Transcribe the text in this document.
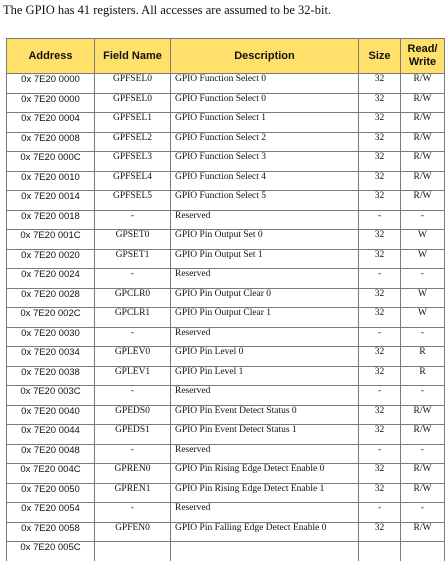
The GPIO has 41 registers. All accesses are assumed to be 32-bit.
Address	Field Name	Description	Size	Read/ Write
0x 7E20 0000	GPFSEL0	GPIO Function Select 0	32	R/W
0x 7E20 0000	GPFSEL0	GPIO Function Select 0	32	R/W
0x 7E20 0004	GPFSEL1	GPIO Function Select 1	32	R/W
0x 7E20 0008	GPFSEL2	GPIO Function Select 2	32	R/W
0x 7E20 000C	GPFSEL3	GPIO Function Select 3	32	R/W
0x 7E20 0010	GPFSEL4	GPIO Function Select 4	32	R/W
0x 7E20 0014	GPFSEL5	GPIO Function Select 5	32	R/W
0x 7E20 0018	-	Reserved	-	-
0x 7E20 001C	GPSET0	GPIO Pin Output Set 0	32	W
0x 7E20 0020	GPSET1	GPIO Pin Output Set 1	32	W
0x 7E20 0024	-	Reserved	-	-
0x 7E20 0028	GPCLR0	GPIO Pin Output Clear 0	32	W
0x 7E20 002C	GPCLR1	GPIO Pin Output Clear 1	32	W
0x 7E20 0030	-	Reserved	-	-
0x 7E20 0034	GPLEV0	GPIO Pin Level 0	32	R
0x 7E20 0038	GPLEV1	GPIO Pin Level 1	32	R
0x 7E20 003C	-	Reserved	-	-
0x 7E20 0040	GPEDS0	GPIO Pin Event Detect Status 0	32	R/W
0x 7E20 0044	GPEDS1	GPIO Pin Event Detect Status 1	32	R/W
0x 7E20 0048	-	Reserved	-	-
0x 7E20 004C	GPREN0	GPIO Pin Rising Edge Detect Enable 0	32	R/W
0x 7E20 0050	GPREN1	GPIO Pin Rising Edge Detect Enable 1	32	R/W
0x 7E20 0054	-	Reserved	-	-
0x 7E20 0058	GPFEN0	GPIO Pin Falling Edge Detect Enable 0	32	R/W
0x 7E20 005C				
